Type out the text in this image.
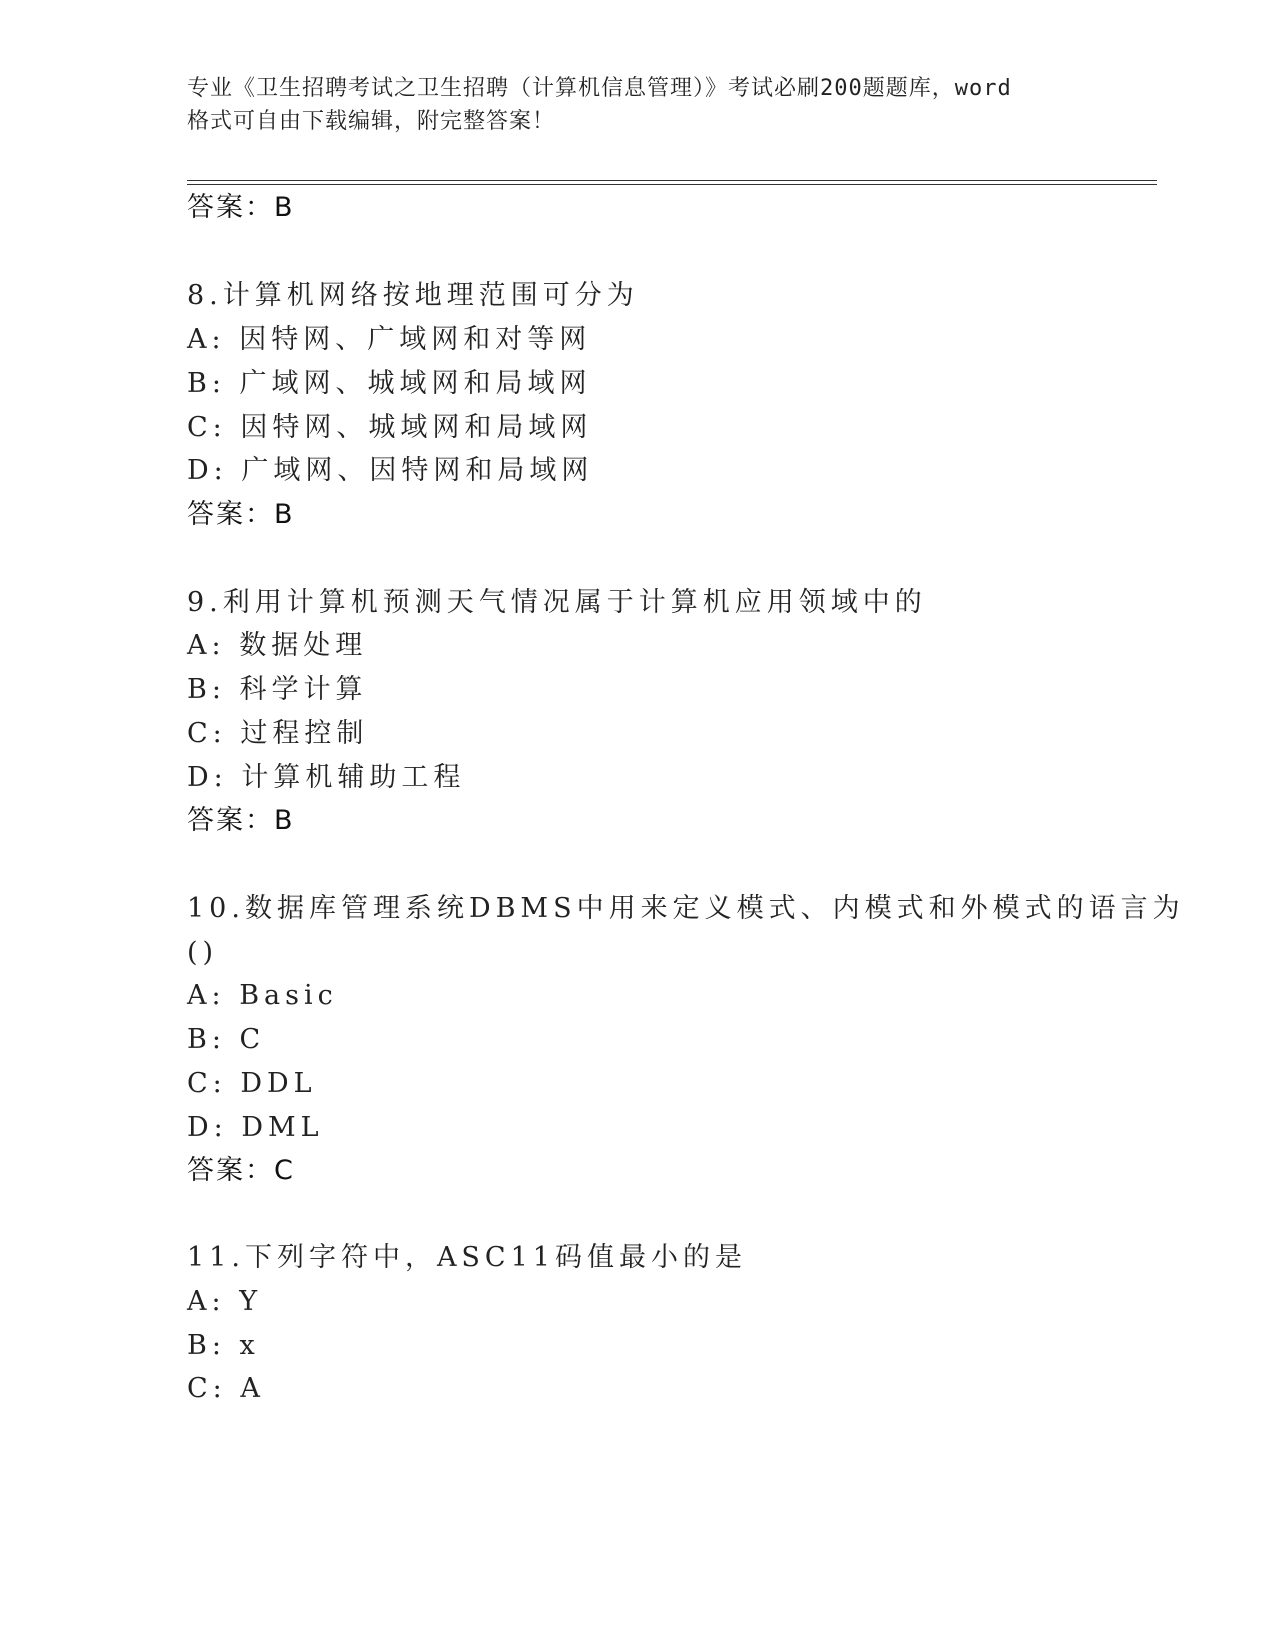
专业《卫生招聘考试之卫生招聘（计算机信息管理）》考试必刷200题题库，word
格式可自由下载编辑，附完整答案！
答案：B
8.计算机网络按地理范围可分为
A: 因特网、广域网和对等网
B: 广域网、城域网和局域网
C: 因特网、城域网和局域网
D: 广域网、因特网和局域网
答案：B
9.利用计算机预测天气情况属于计算机应用领域中的
A: 数据处理
B: 科学计算
C: 过程控制
D: 计算机辅助工程
答案：B
10.数据库管理系统DBMS中用来定义模式、内模式和外模式的语言为
()
A: Basic
B: C
C: DDL
D: DML
答案：C
11.下列字符中，ASC11码值最小的是
A: Y
B: x
C: A
